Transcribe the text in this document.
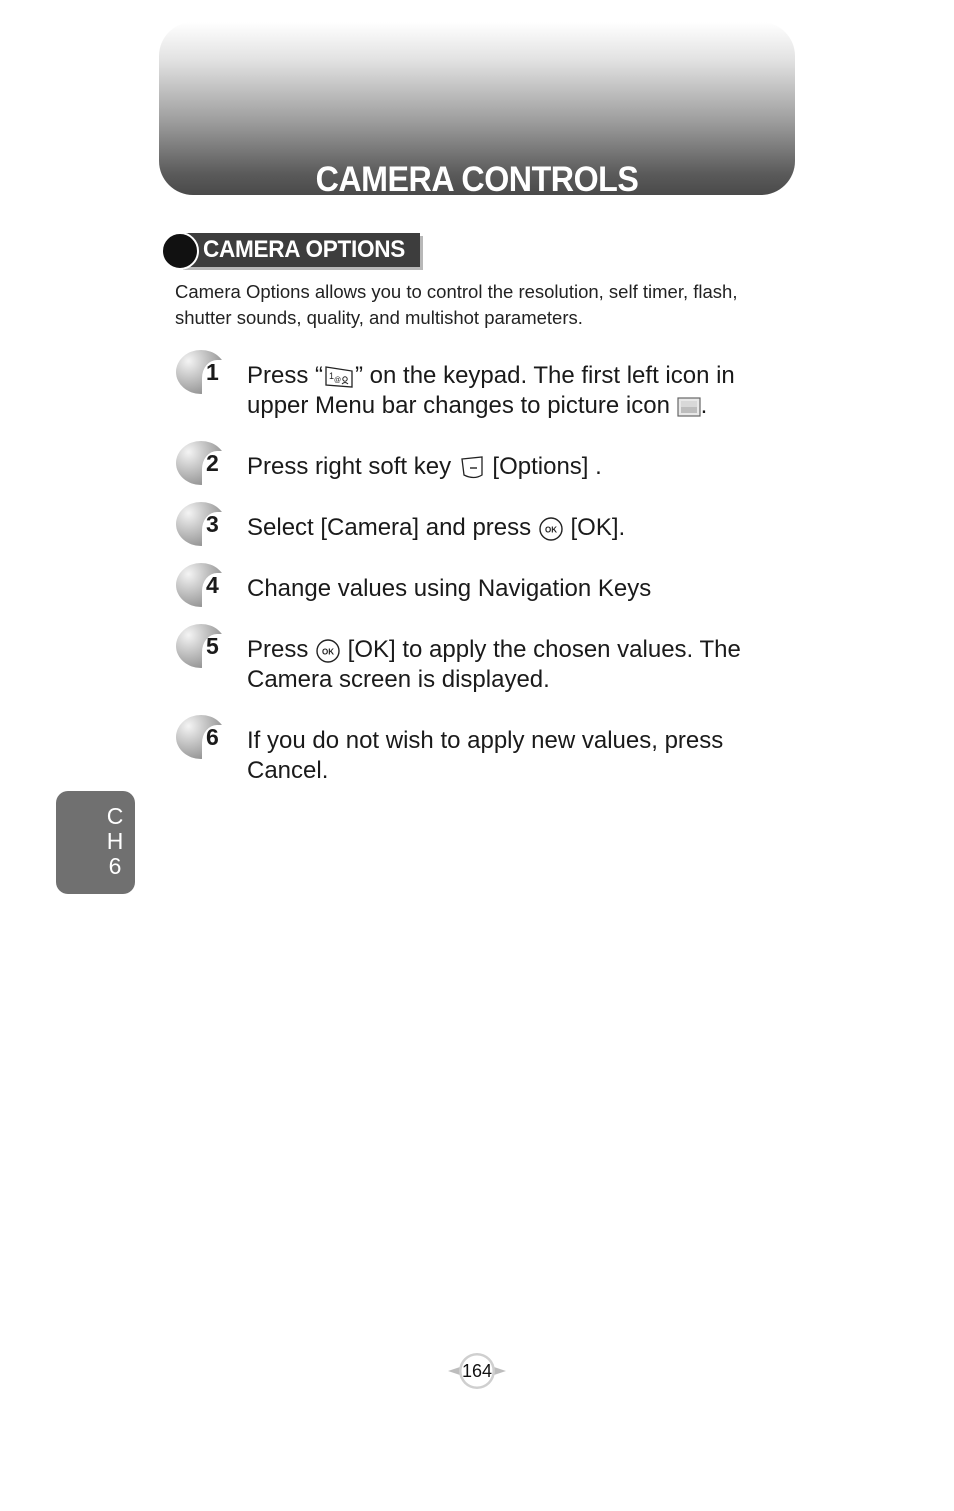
CAMERA CONTROLS
CAMERA OPTIONS
Camera Options allows you to control the resolution, self timer, flash,
shutter sounds, quality, and multishot parameters.
1 Press “ 1 @ ” on the keypad. The first left icon in
upper Menu bar changes to picture icon .
2 Press right soft key  [Options] .
3 Select [Camera] and press OK [OK].
4 Change values using Navigation Keys
5 Press OK [OK] to apply the chosen values. The
Camera screen is displayed.
6 If you do not wish to apply new values, press
Cancel.
C
H
6
164
